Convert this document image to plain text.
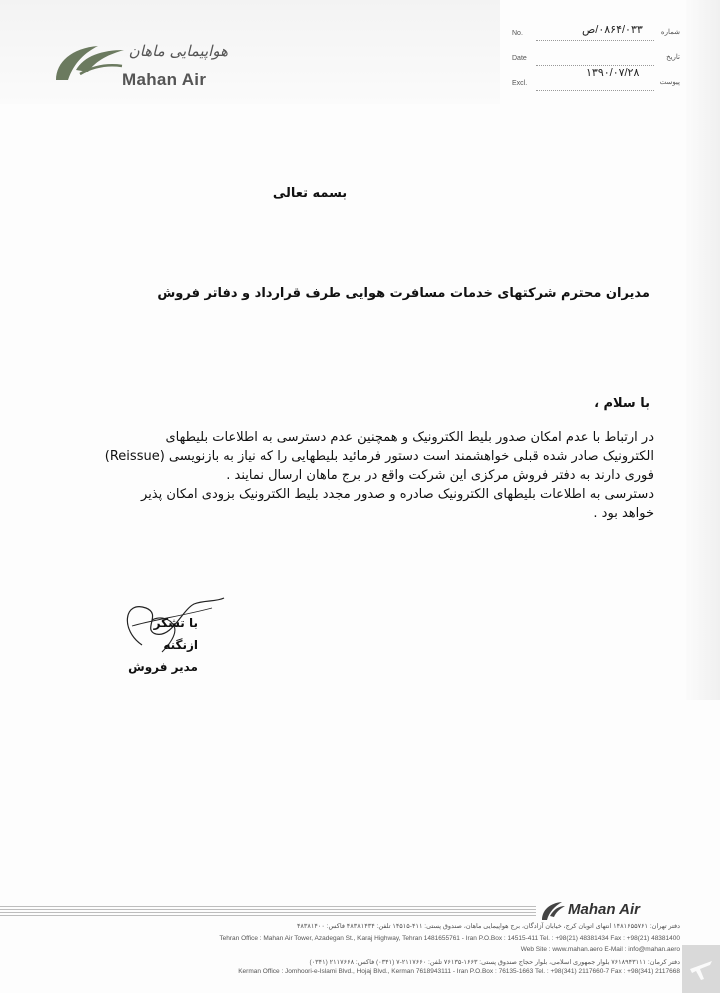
هواپیمایی ماهان
Mahan Air
No.	شماره
۰۸۶۴/۰۳۳/ص
Date	تاریخ
۱۳۹۰/۰۷/۲۸
Excl.	پیوست
بسمه تعالی
مدیران محترم شرکتهای خدمات مسافرت هوایی طرف قرارداد و دفاتر فروش
با سلام ،
در ارتباط با عدم امکان صدور بلیط الکترونیک و همچنین عدم دسترسی به اطلاعات بلیطهای
الکترونیک صادر شده قبلی خواهشمند است دستور فرمائید بلیطهایی را که نیاز به بازنویسی (Reissue)
فوری دارند به دفتر فروش مرکزی این شرکت واقع در برج ماهان ارسال نمایند .
دسترسی به اطلاعات بلیطهای الکترونیک صادره و صدور مجدد بلیط الکترونیک بزودی امکان پذیر
خواهد بود .
با تشکر
ازنگنه
مدیر فروش
Mahan Air
دفتر تهران: ۱۴۸۱۶۵۵۷۶۱ انتهای اتوبان کرج، خیابان آزادگان، برج هواپیمایی ماهان، صندوق پستی: ۴۱۱-۱۴۵۱۵ تلفن: ۴۸۳۸۱۴۳۴ فاکس: ۴۸۳۸۱۴۰۰
Tehran Office : Mahan Air Tower, Azadegan St., Karaj Highway, Tehran 1481655761 - Iran P.O.Box : 14515-411 Tel. : +98(21) 48381434 Fax : +98(21) 48381400
Web Site : www.mahan.aero E-Mail : info@mahan.aero
دفتر کرمان: ۷۶۱۸۹۴۳۱۱۱ بلوار جمهوری اسلامی، بلوار حجاج صندوق پستی: ۱۶۶۳-۷۶۱۳۵ تلفن: ۲۱۱۷۶۶۰-۷ (۰۳۴۱) فاکس: ۲۱۱۷۶۶۸ (۰۳۴۱)
Kerman Office : Jomhoori-e-Islami Blvd., Hojaj Blvd., Kerman 7618943111 - Iran P.O.Box : 76135-1663 Tel. : +98(341) 2117660-7 Fax : +98(341) 2117668
